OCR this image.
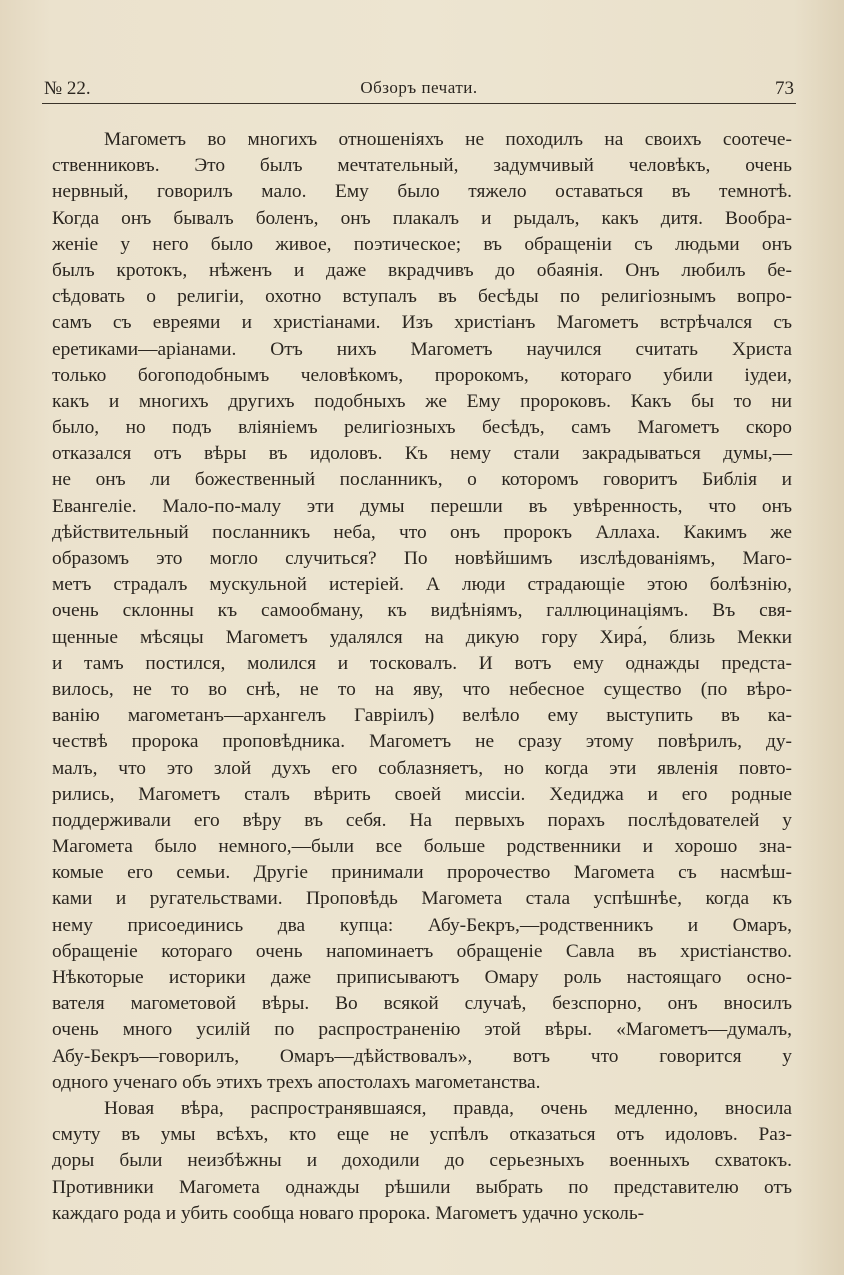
№ 22.	Обзоръ печати.	73
Магометъ во многихъ отношеніяхъ не походилъ на своихъ соотече-
ственниковъ. Это былъ мечтательный, задумчивый человѣкъ, очень
нервный, говорилъ мало. Ему было тяжело оставаться въ темнотѣ.
Когда онъ бывалъ боленъ, онъ плакалъ и рыдалъ, какъ дитя. Вообра-
женіе у него было живое, поэтическое; въ обращеніи съ людьми онъ
былъ кротокъ, нѣженъ и даже вкрадчивъ до обаянія. Онъ любилъ бе-
сѣдовать о религіи, охотно вступалъ въ бесѣды по религіознымъ вопро-
самъ съ евреями и христіанами. Изъ христіанъ Магометъ встрѣчался съ
еретиками—аріанами. Отъ нихъ Магометъ научился считать Христа
только богоподобнымъ человѣкомъ, пророкомъ, котораго убили іудеи,
какъ и многихъ другихъ подобныхъ же Ему пророковъ. Какъ бы то ни
было, но подъ вліяніемъ религіозныхъ бесѣдъ, самъ Магометъ скоро
отказался отъ вѣры въ идоловъ. Къ нему стали закрадываться думы,—
не онъ ли божественный посланникъ, о которомъ говоритъ Библія и
Евангеліе. Мало-по-малу эти думы перешли въ увѣренность, что онъ
дѣйствительный посланникъ неба, что онъ пророкъ Аллаха. Какимъ же
образомъ это могло случиться? По новѣйшимъ изслѣдованіямъ, Маго-
метъ страдалъ мускульной истеріей. А люди страдающіе этою болѣзнію,
очень склонны къ самообману, къ видѣніямъ, галлюцинаціямъ. Въ свя-
щенные мѣсяцы Магометъ удалялся на дикую гору Хира́, близь Мекки
и тамъ постился, молился и тосковалъ. И вотъ ему однажды предста-
вилось, не то во снѣ, не то на яву, что небесное существо (по вѣро-
ванію магометанъ—архангелъ Гавріилъ) велѣло ему выступить въ ка-
чествѣ пророка проповѣдника. Магометъ не сразу этому повѣрилъ, ду-
малъ, что это злой духъ его соблазняетъ, но когда эти явленія повто-
рились, Магометъ сталъ вѣрить своей миссіи. Хедиджа и его родные
поддерживали его вѣру въ себя. На первыхъ порахъ послѣдователей у
Магомета было немного,—были все больше родственники и хорошо зна-
комые его семьи. Другіе принимали пророчество Магомета съ насмѣш-
ками и ругательствами. Проповѣдь Магомета стала успѣшнѣе, когда къ
нему присоединись два купца: Абу-Бекръ,—родственникъ и Омаръ,
обращеніе котораго очень напоминаетъ обращеніе Савла въ христіанство.
Нѣкоторые историки даже приписываютъ Омару роль настоящаго осно-
вателя магометовой вѣры. Во всякой случаѣ, безспорно, онъ вносилъ
очень много усилій по распространенію этой вѣры. «Магометъ—думалъ,
Абу-Бекръ—говорилъ, Омаръ—дѣйствовалъ», вотъ что говорится у
одного ученаго объ этихъ трехъ апостолахъ магометанства.
Новая вѣра, распространявшаяся, правда, очень медленно, вносила
смуту въ умы всѣхъ, кто еще не успѣлъ отказаться отъ идоловъ. Раз-
доры были неизбѣжны и доходили до серьезныхъ военныхъ схватокъ.
Противники Магомета однажды рѣшили выбрать по представителю отъ
каждаго рода и убить сообща новаго пророка. Магометъ удачно усколь-
